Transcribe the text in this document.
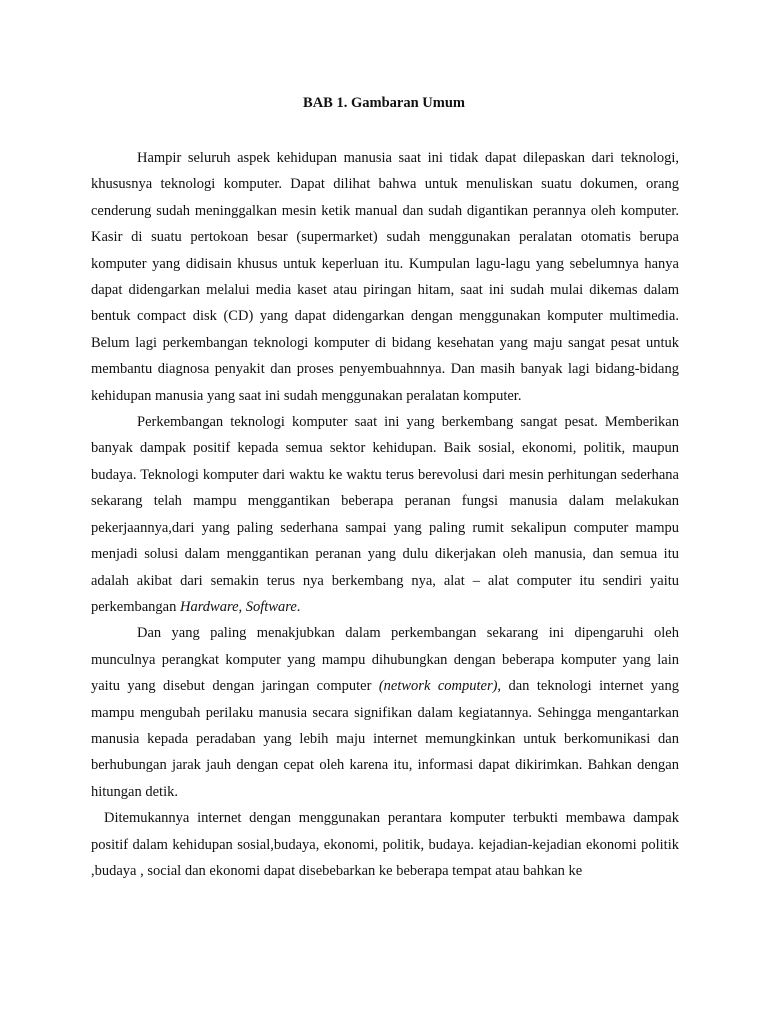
BAB 1. Gambaran Umum

Hampir seluruh aspek kehidupan manusia saat ini tidak dapat dilepaskan dari teknologi, khususnya teknologi komputer. Dapat dilihat bahwa untuk menuliskan suatu dokumen, orang cenderung sudah meninggalkan mesin ketik manual dan sudah digantikan perannya oleh komputer. Kasir di suatu pertokoan besar (supermarket) sudah menggunakan peralatan otomatis berupa komputer yang didisain khusus untuk keperluan itu. Kumpulan lagu-lagu yang sebelumnya hanya dapat didengarkan melalui media kaset atau piringan hitam, saat ini sudah mulai dikemas dalam bentuk compact disk (CD) yang dapat didengarkan dengan menggunakan komputer multimedia. Belum lagi perkembangan teknologi komputer di bidang kesehatan yang maju sangat pesat untuk membantu diagnosa penyakit dan proses penyembuahnnya. Dan masih banyak lagi bidang-bidang kehidupan manusia yang saat ini sudah menggunakan peralatan komputer.

Perkembangan teknologi komputer saat ini yang berkembang sangat pesat. Memberikan banyak dampak positif kepada semua sektor kehidupan. Baik sosial, ekonomi, politik, maupun budaya. Teknologi komputer dari waktu ke waktu terus berevolusi dari mesin perhitungan sederhana sekarang telah mampu menggantikan beberapa peranan fungsi manusia dalam melakukan pekerjaannya,dari yang paling sederhana sampai yang paling rumit sekalipun computer mampu menjadi solusi dalam menggantikan peranan yang dulu dikerjakan oleh manusia, dan semua itu adalah akibat dari semakin terus nya berkembang nya, alat – alat computer itu sendiri yaitu perkembangan Hardware, Software.

Dan yang paling menakjubkan dalam perkembangan sekarang ini dipengaruhi oleh munculnya perangkat komputer yang mampu dihubungkan dengan beberapa komputer yang lain yaitu yang disebut dengan jaringan computer (network computer), dan teknologi internet yang mampu mengubah perilaku manusia secara signifikan dalam kegiatannya. Sehingga mengantarkan manusia kepada peradaban yang lebih maju internet memungkinkan untuk berkomunikasi dan berhubungan jarak jauh dengan cepat oleh karena itu, informasi dapat dikirimkan. Bahkan dengan hitungan detik.

Ditemukannya internet dengan menggunakan perantara komputer terbukti membawa dampak positif dalam kehidupan sosial,budaya, ekonomi, politik, budaya. kejadian-kejadian ekonomi politik ,budaya , social dan ekonomi dapat disebebarkan ke beberapa tempat atau bahkan ke
